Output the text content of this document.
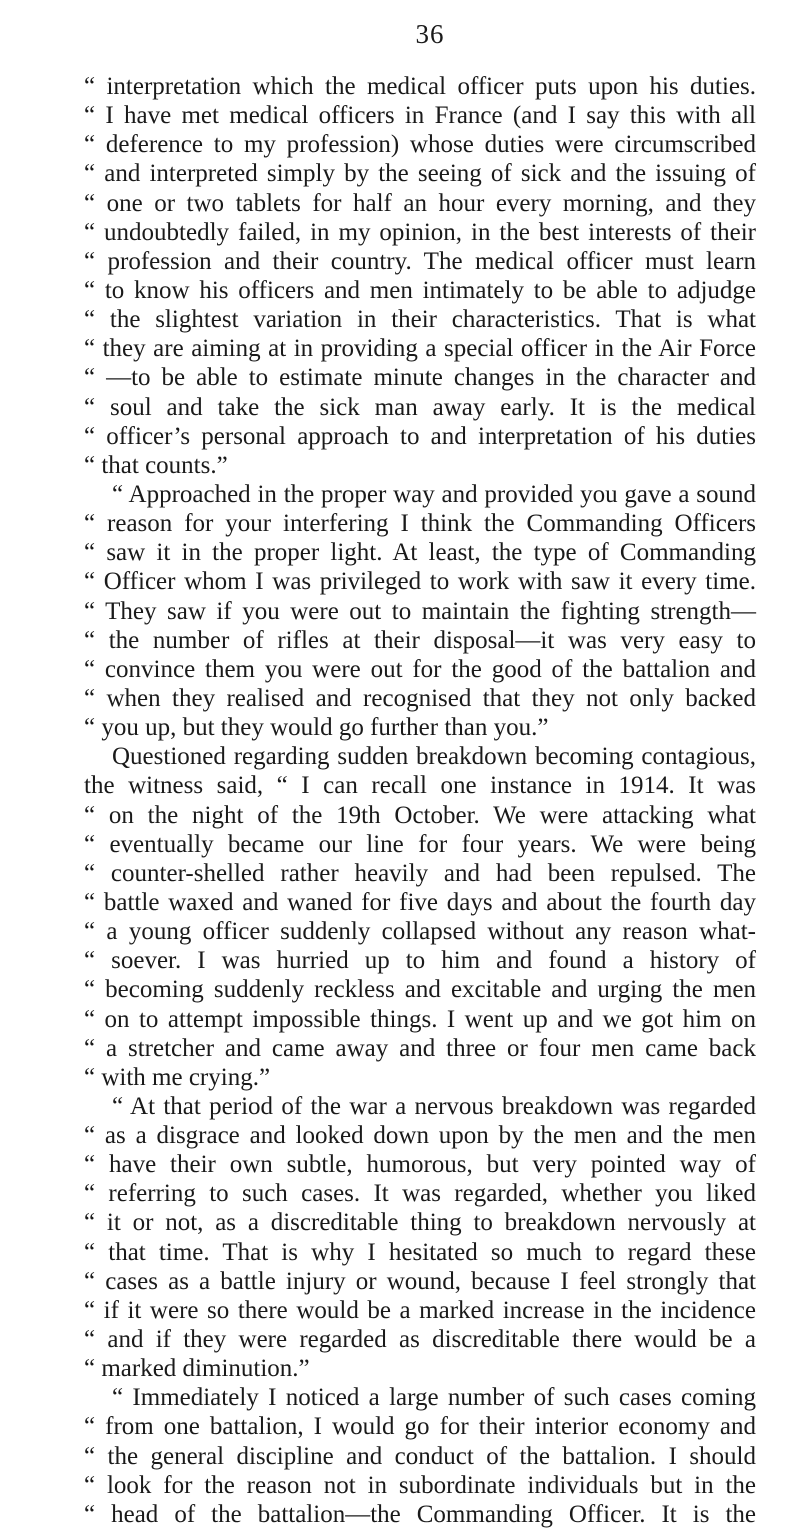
36
“ interpretation which the medical officer puts upon his duties.
“ I have met medical officers in France (and I say this with all
“ deference to my profession) whose duties were circumscribed
“ and interpreted simply by the seeing of sick and the issuing of
“ one or two tablets for half an hour every morning, and they
“ undoubtedly failed, in my opinion, in the best interests of their
“ profession and their country. The medical officer must learn
“ to know his officers and men intimately to be able to adjudge
“ the slightest variation in their characteristics. That is what
“ they are aiming at in providing a special officer in the Air Force
“ —to be able to estimate minute changes in the character and
“ soul and take the sick man away early. It is the medical
“ officer’s personal approach to and interpretation of his duties
“ that counts.”
“ Approached in the proper way and provided you gave a sound
“ reason for your interfering I think the Commanding Officers
“ saw it in the proper light. At least, the type of Commanding
“ Officer whom I was privileged to work with saw it every time.
“ They saw if you were out to maintain the fighting strength—
“ the number of rifles at their disposal—it was very easy to
“ convince them you were out for the good of the battalion and
“ when they realised and recognised that they not only backed
“ you up, but they would go further than you.”
Questioned regarding sudden breakdown becoming contagious,
the witness said, “ I can recall one instance in 1914. It was
“ on the night of the 19th October. We were attacking what
“ eventually became our line for four years. We were being
“ counter-shelled rather heavily and had been repulsed. The
“ battle waxed and waned for five days and about the fourth day
“ a young officer suddenly collapsed without any reason what-
“ soever. I was hurried up to him and found a history of
“ becoming suddenly reckless and excitable and urging the men
“ on to attempt impossible things. I went up and we got him on
“ a stretcher and came away and three or four men came back
“ with me crying.”
“ At that period of the war a nervous breakdown was regarded
“ as a disgrace and looked down upon by the men and the men
“ have their own subtle, humorous, but very pointed way of
“ referring to such cases. It was regarded, whether you liked
“ it or not, as a discreditable thing to breakdown nervously at
“ that time. That is why I hesitated so much to regard these
“ cases as a battle injury or wound, because I feel strongly that
“ if it were so there would be a marked increase in the incidence
“ and if they were regarded as discreditable there would be a
“ marked diminution.”
“ Immediately I noticed a large number of such cases coming
“ from one battalion, I would go for their interior economy and
“ the general discipline and conduct of the battalion. I should
“ look for the reason not in subordinate individuals but in the
“ head of the battalion—the Commanding Officer. It is the
